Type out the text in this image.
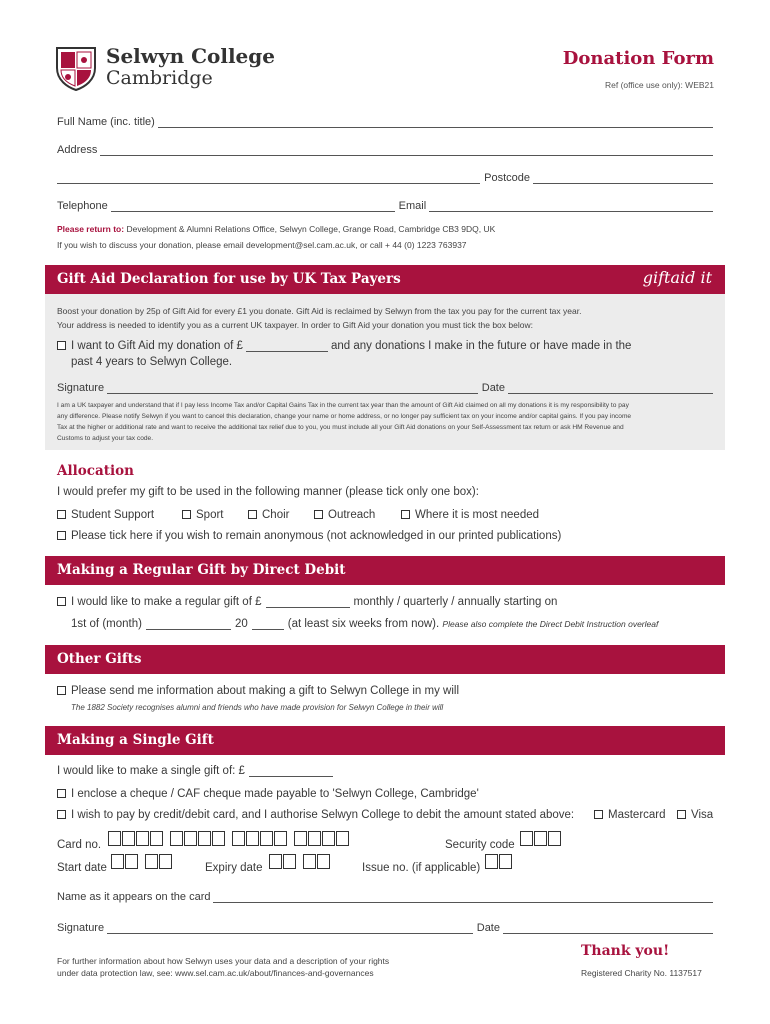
Selwyn College
Cambridge
Donation Form
Ref (office use only): WEB21
Full Name (inc. title)
Address
Postcode
Telephone	Email
Please return to: Development & Alumni Relations Office, Selwyn College, Grange Road, Cambridge CB3 9DQ, UK
If you wish to discuss your donation, please email development@sel.cam.ac.uk, or call + 44 (0) 1223 763937
Gift Aid Declaration for use by UK Tax Payers	giftaid it
Boost your donation by 25p of Gift Aid for every £1 you donate. Gift Aid is reclaimed by Selwyn from the tax you pay for the current tax year.
Your address is needed to identify you as a current UK taxpayer. In order to Gift Aid your donation you must tick the box below:
I want to Gift Aid my donation of £	and any donations I make in the future or have made in the
past 4 years to Selwyn College.
Signature	Date
I am a UK taxpayer and understand that if I pay less Income Tax and/or Capital Gains Tax in the current tax year than the amount of Gift Aid claimed on all my donations it is my responsibility to pay
any difference. Please notify Selwyn if you want to cancel this declaration, change your name or home address, or no longer pay sufficient tax on your income and/or capital gains. If you pay income
Tax at the higher or additional rate and want to receive the additional tax relief due to you, you must include all your Gift Aid donations on your Self-Assessment tax return or ask HM Revenue and
Customs to adjust your tax code.
Allocation
I would prefer my gift to be used in the following manner (please tick only one box):
Student Support	Sport	Choir	Outreach	Where it is most needed
Please tick here if you wish to remain anonymous (not acknowledged in our printed publications)
Making a Regular Gift by Direct Debit
I would like to make a regular gift of £	monthly / quarterly / annually starting on
1st of (month)	20	(at least six weeks from now). Please also complete the Direct Debit Instruction overleaf
Other Gifts
Please send me information about making a gift to Selwyn College in my will
The 1882 Society recognises alumni and friends who have made provision for Selwyn College in their will
Making a Single Gift
I would like to make a single gift of: £
I enclose a cheque / CAF cheque made payable to 'Selwyn College, Cambridge'
I wish to pay by credit/debit card, and I authorise Selwyn College to debit the amount stated above:	Mastercard	Visa
Card no.	Security code
Start date	Expiry date	Issue no. (if applicable)
Name as it appears on the card
Signature	Date
For further information about how Selwyn uses your data and a description of your rights
under data protection law, see: www.sel.cam.ac.uk/about/finances-and-governances
Thank you!
Registered Charity No. 1137517
